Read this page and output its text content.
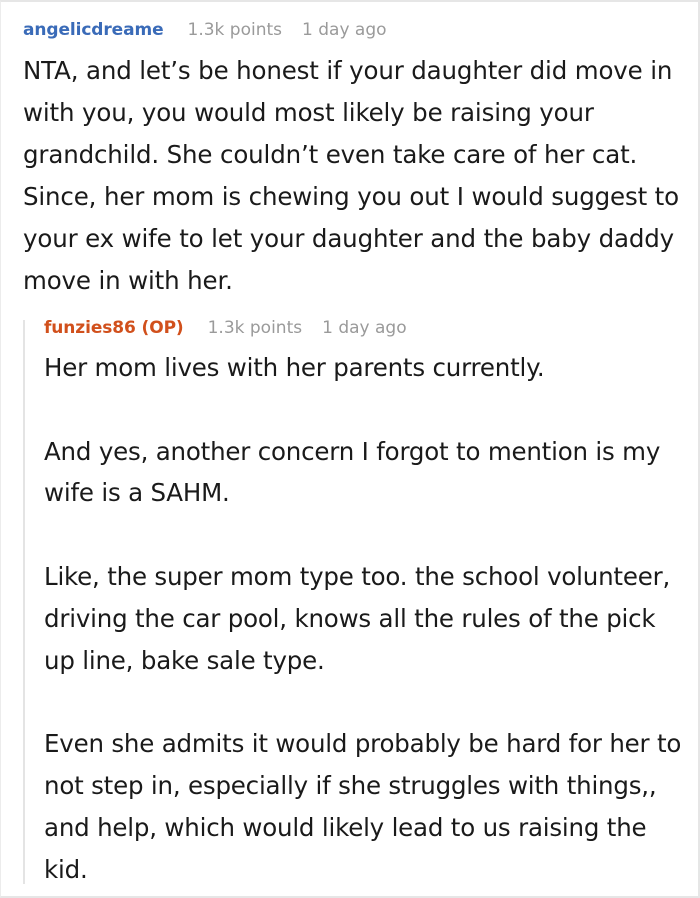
angelicdreame 1.3k points 1 day ago

NTA, and let’s be honest if your daughter did move in with you, you would most likely be raising your grandchild. She couldn’t even take care of her cat. Since, her mom is chewing you out I would suggest to your ex wife to let your daughter and the baby daddy move in with her.

funzies86 (OP) 1.3k points 1 day ago

Her mom lives with her parents currently.

And yes, another concern I forgot to mention is my wife is a SAHM.

Like, the super mom type too. the school volunteer, driving the car pool, knows all the rules of the pick up line, bake sale type.

Even she admits it would probably be hard for her to not step in, especially if she struggles with things,, and help, which would likely lead to us raising the kid.
